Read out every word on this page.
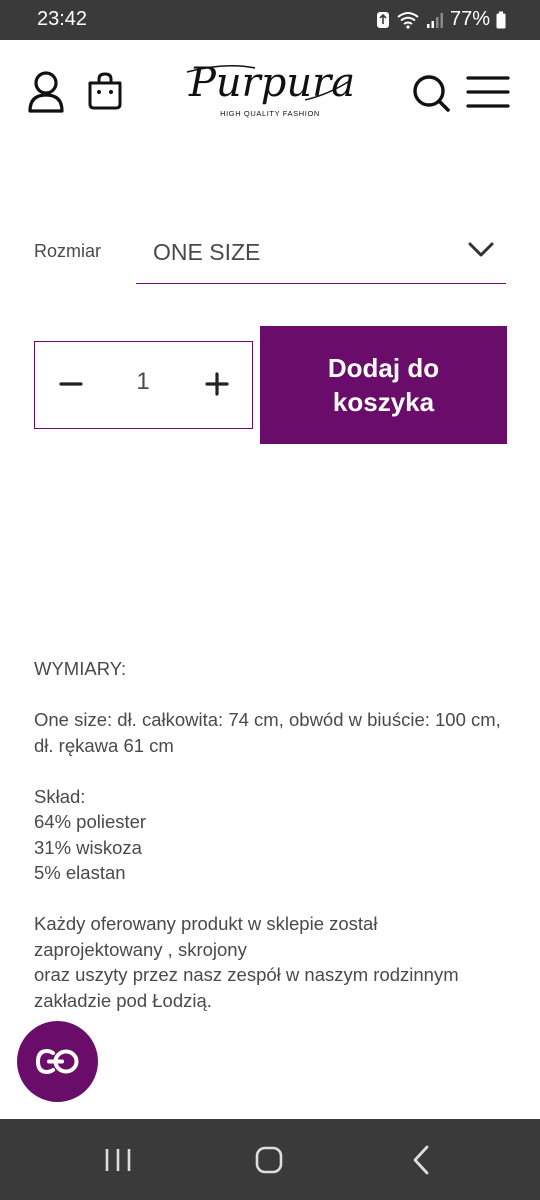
23:42	77%
Purpura
HIGH QUALITY FASHION
Rozmiar ONE SIZE
1	Dodaj do koszyka

WYMIARY:

One size: dł. całkowita: 74 cm, obwód w biuście: 100 cm, dł. rękawa 61 cm

Skład:

64% poliester

31% wiskoza

5% elastan

Każdy oferowany produkt w sklepie został zaprojektowany , skrojony

oraz uszyty przez nasz zespół w naszym rodzinnym zakładzie pod Łodzią.
